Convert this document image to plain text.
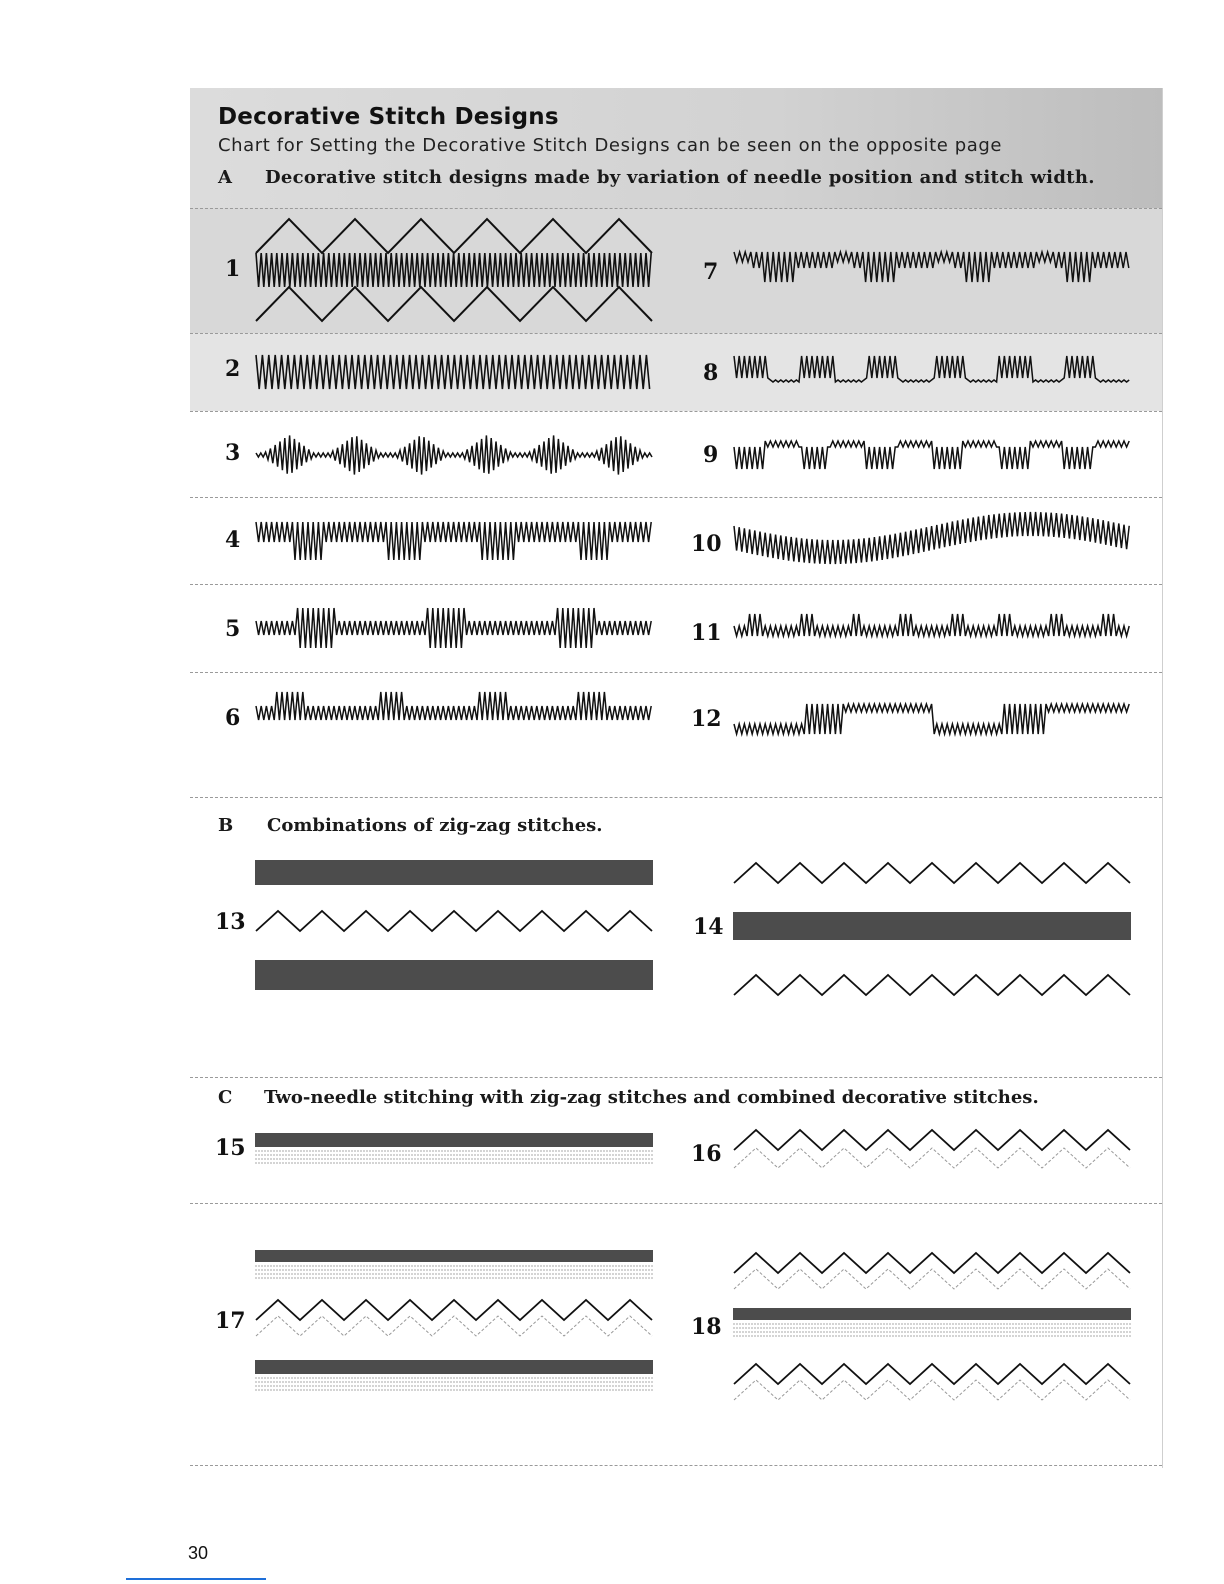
Decorative Stitch Designs
Chart for Setting the Decorative Stitch Designs can be seen on the opposite page
A Decorative stitch designs made by variation of needle position and stitch width.
1
2
3
4
5
6
7
8
9
10
11
12
B Combinations of zig-zag stitches.
13	14
C Two-needle stitching with zig-zag stitches and combined decorative stitches.
15	16
17	18
30
